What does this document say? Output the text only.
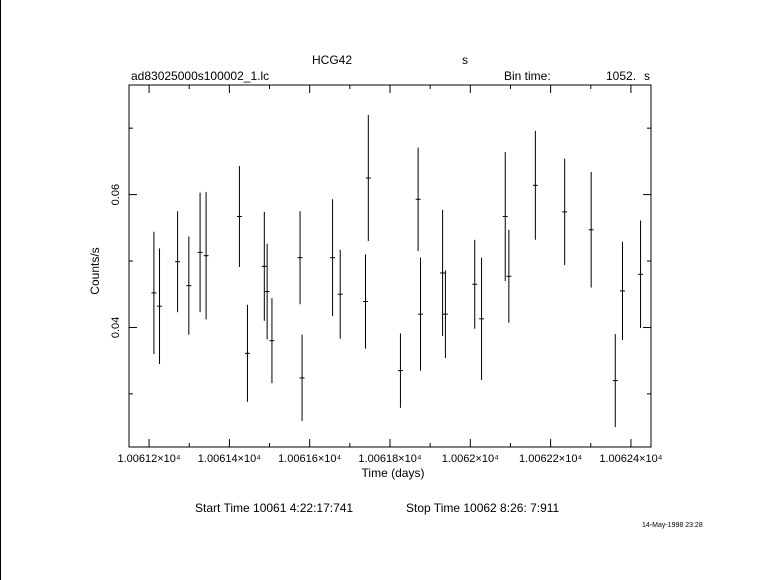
HCG42	s
ad83025000s100002_1.lc	Bin time:	1052. s
1.00612×10⁴ 1.00614×10⁴ 1.00616×10⁴ 1.00618×10⁴ 1.0062×10⁴ 1.00622×10⁴ 1.00624×10⁴
0.04
0.06
Time (days)
Counts/s
Start Time 10061 4:22:17:741	Stop Time 10062 8:26: 7:911
14-May-1998 23:28
